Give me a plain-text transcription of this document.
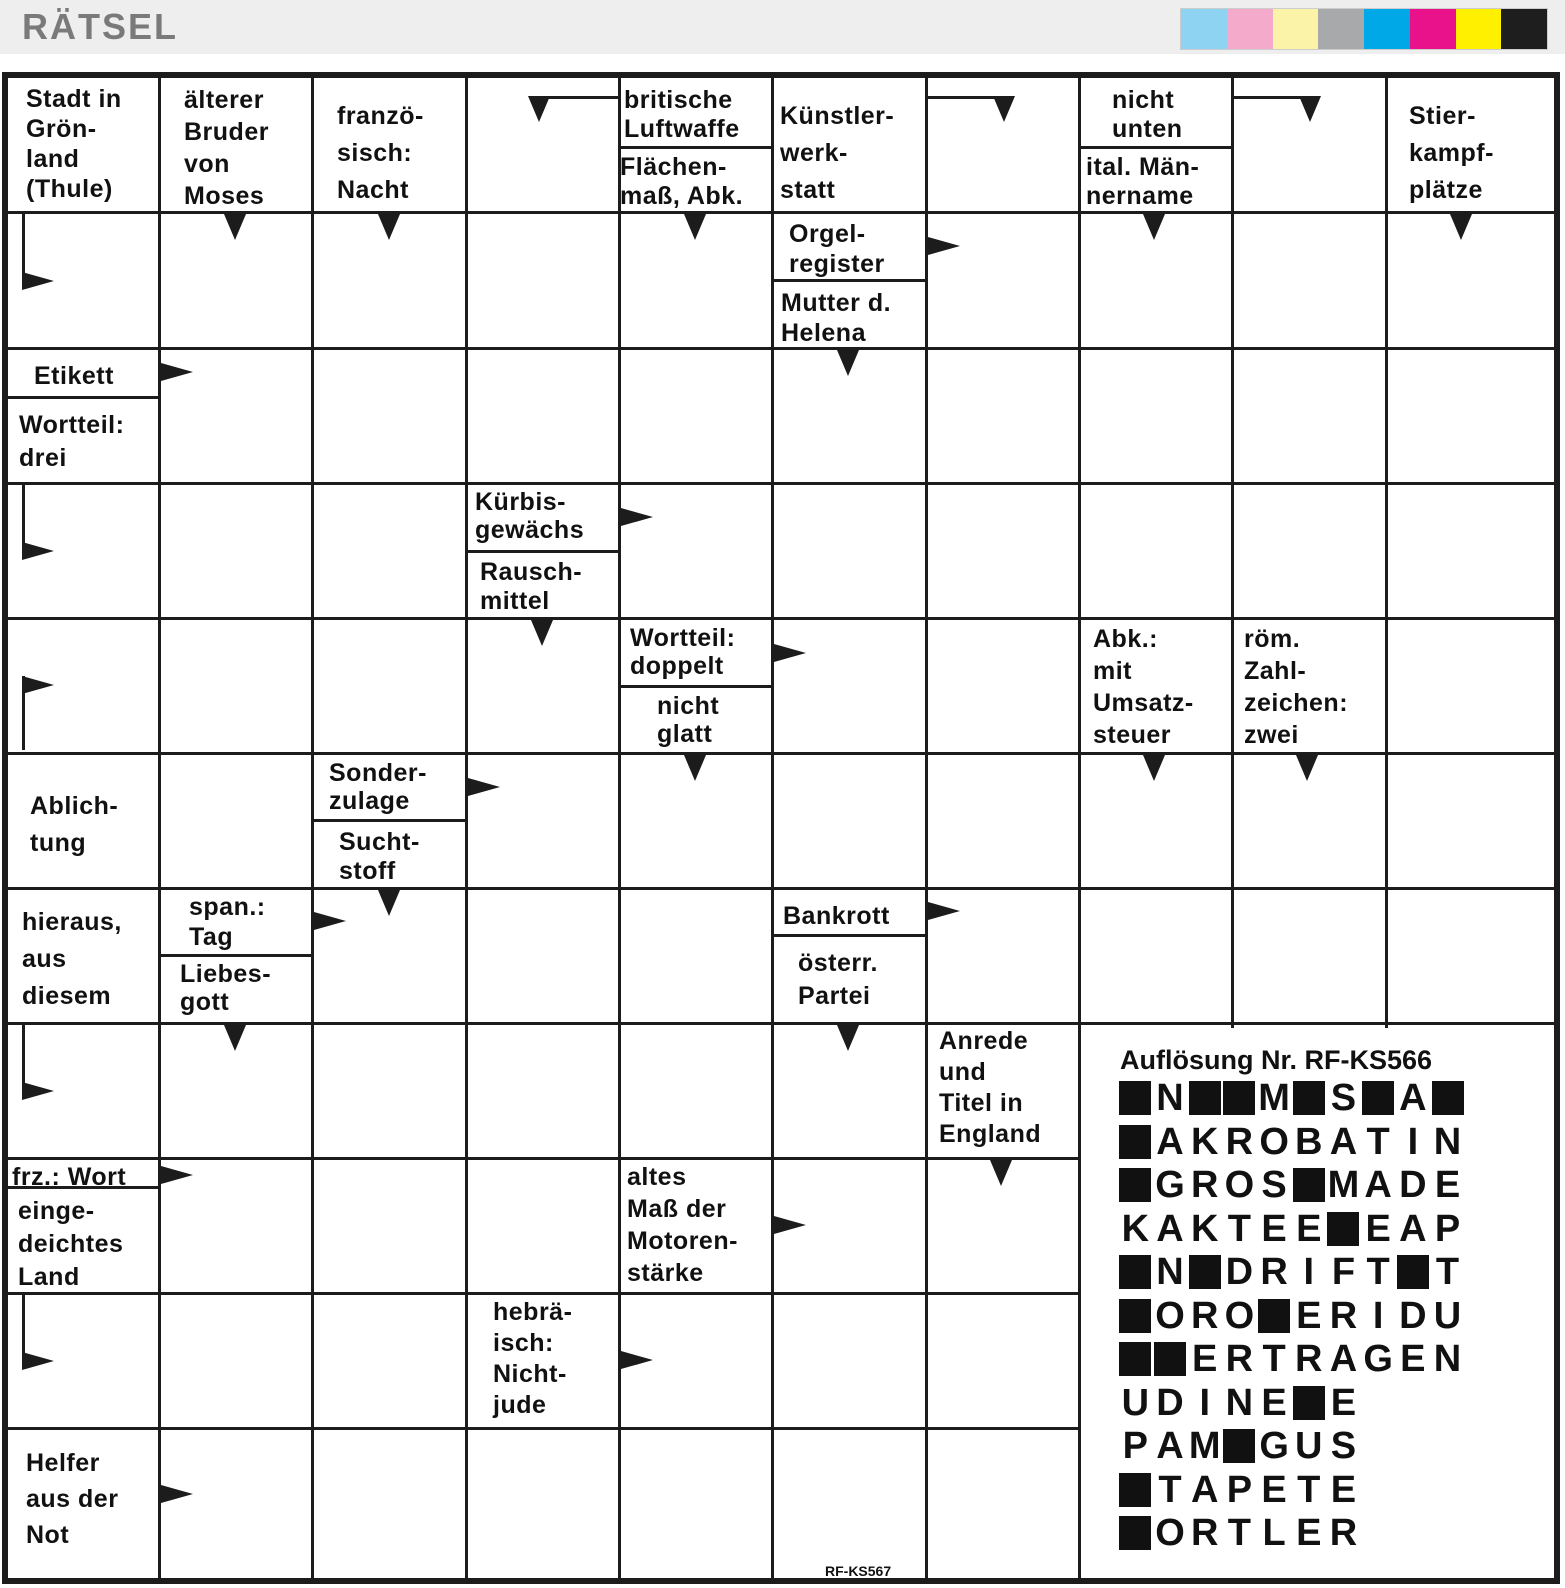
RÄTSEL
Stadt in
Grön-
land
(Thule)
älterer
Bruder
von
Moses
franzö-
sisch:
Nacht
britische
Luftwaffe
Flächen-
maß, Abk.
Künstler-
werk-
statt
nicht
unten
ital. Män-
nername
Stier-
kampf-
plätze
Orgel-
register
Mutter d.
Helena
Etikett
Wortteil:
drei
Kürbis-
gewächs
Rausch-
mittel
Wortteil:
doppelt
nicht
glatt
Abk.:
mit
Umsatz-
steuer
röm.
Zahl-
zeichen:
zwei
Ablich-
tung
Sonder-
zulage
Sucht-
stoff
hieraus,
aus
diesem
span.:
Tag
Liebes-
gott
Bankrott
österr.
Partei
Anrede
und
Titel in
England
frz.: Wort
einge-
deichtes
Land
altes
Maß der
Motoren-
stärke
hebrä-
isch:
Nicht-
jude
Helfer
aus der
Not
Auflösung Nr. RF-KS566
N M S A
A K R O B A T I N
G R O S M A D E
K A K T E E E A P
N D R I F T T
O R O E R I D U
E R T R A G E N
U D I N E E
P A M G U S
T A P E T E
O R T L E R
RF-KS567
